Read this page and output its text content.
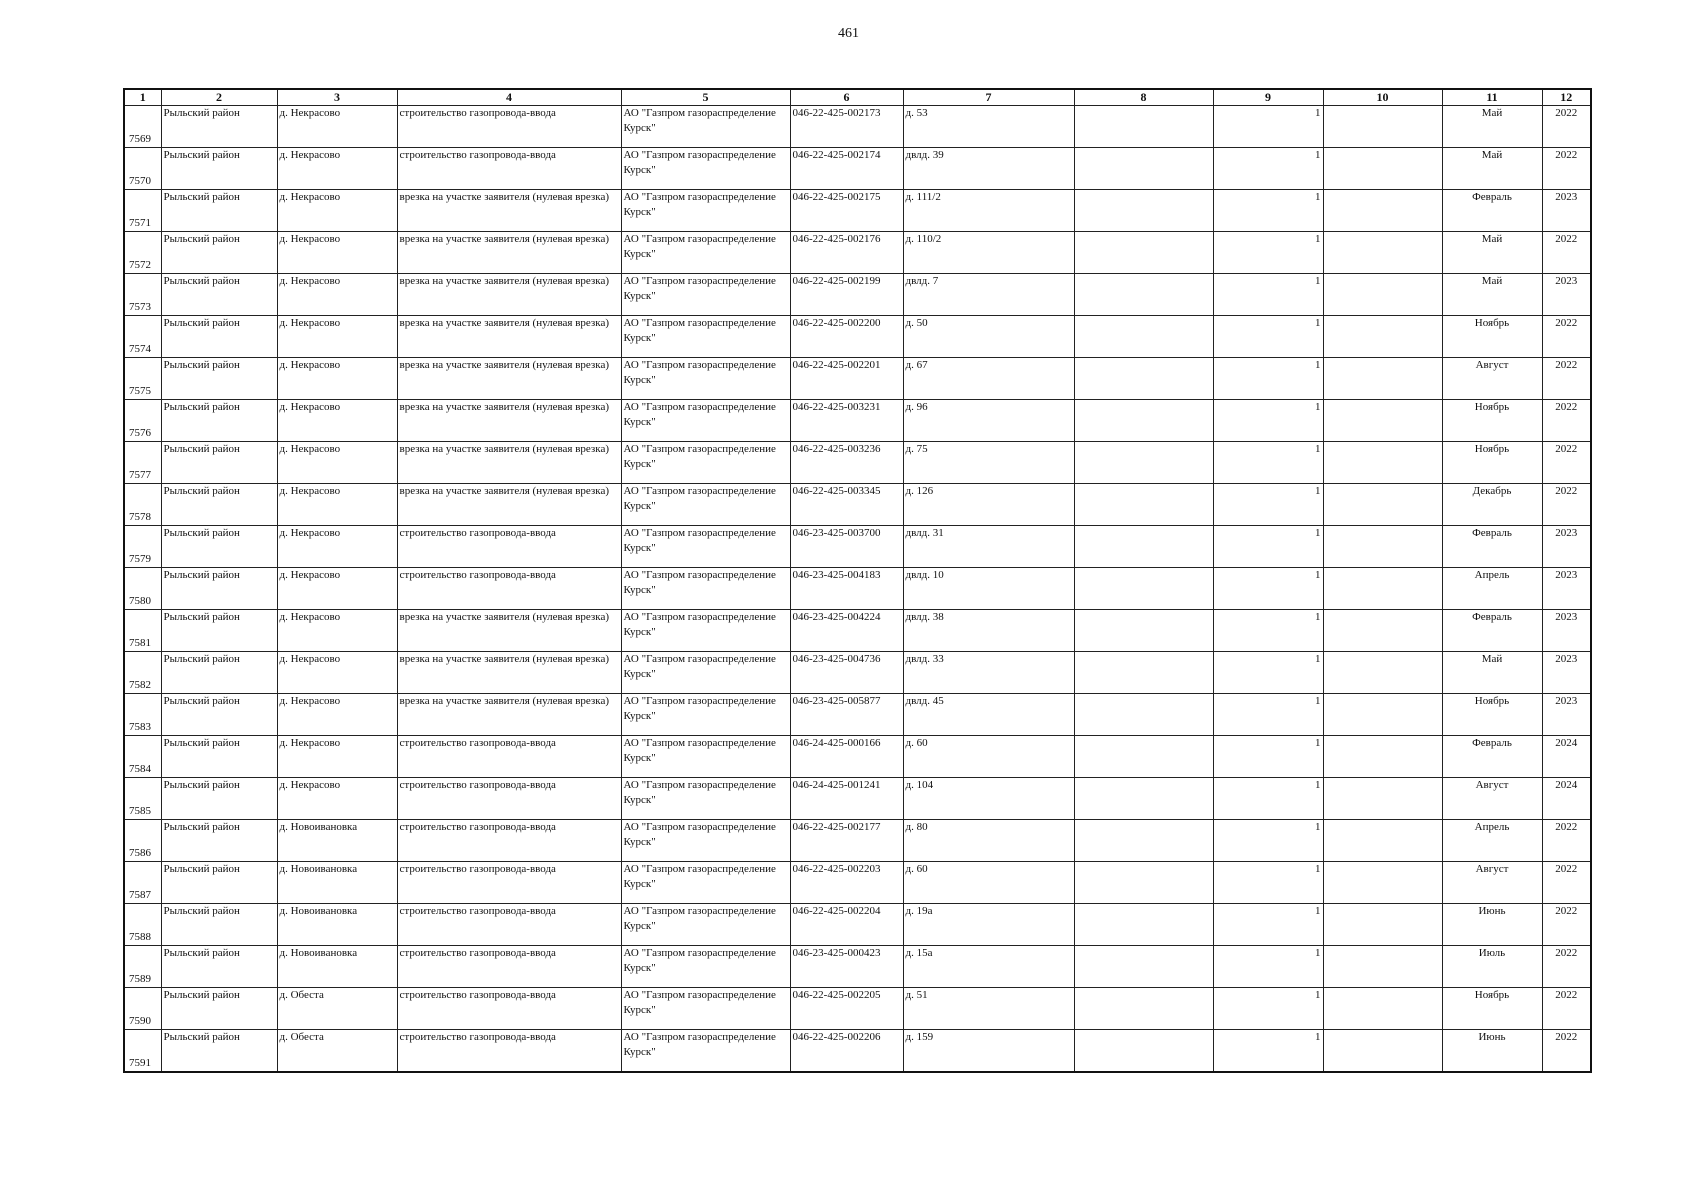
461
1	2	3	4	5	6	7	8	9	10	11	12
7569	Рыльский район	д. Некрасово	строительство газопровода-ввода	АО "Газпром газораспределение Курск"	046-22-425-002173	д. 53		1		Май	2022
7570	Рыльский район	д. Некрасово	строительство газопровода-ввода	АО "Газпром газораспределение Курск"	046-22-425-002174	двлд. 39		1		Май	2022
7571	Рыльский район	д. Некрасово	врезка на участке заявителя (нулевая врезка)	АО "Газпром газораспределение Курск"	046-22-425-002175	д. 111/2		1		Февраль	2023
7572	Рыльский район	д. Некрасово	врезка на участке заявителя (нулевая врезка)	АО "Газпром газораспределение Курск"	046-22-425-002176	д. 110/2		1		Май	2022
7573	Рыльский район	д. Некрасово	врезка на участке заявителя (нулевая врезка)	АО "Газпром газораспределение Курск"	046-22-425-002199	двлд. 7		1		Май	2023
7574	Рыльский район	д. Некрасово	врезка на участке заявителя (нулевая врезка)	АО "Газпром газораспределение Курск"	046-22-425-002200	д. 50		1		Ноябрь	2022
7575	Рыльский район	д. Некрасово	врезка на участке заявителя (нулевая врезка)	АО "Газпром газораспределение Курск"	046-22-425-002201	д. 67		1		Август	2022
7576	Рыльский район	д. Некрасово	врезка на участке заявителя (нулевая врезка)	АО "Газпром газораспределение Курск"	046-22-425-003231	д. 96		1		Ноябрь	2022
7577	Рыльский район	д. Некрасово	врезка на участке заявителя (нулевая врезка)	АО "Газпром газораспределение Курск"	046-22-425-003236	д. 75		1		Ноябрь	2022
7578	Рыльский район	д. Некрасово	врезка на участке заявителя (нулевая врезка)	АО "Газпром газораспределение Курск"	046-22-425-003345	д. 126		1		Декабрь	2022
7579	Рыльский район	д. Некрасово	строительство газопровода-ввода	АО "Газпром газораспределение Курск"	046-23-425-003700	двлд. 31		1		Февраль	2023
7580	Рыльский район	д. Некрасово	строительство газопровода-ввода	АО "Газпром газораспределение Курск"	046-23-425-004183	двлд. 10		1		Апрель	2023
7581	Рыльский район	д. Некрасово	врезка на участке заявителя (нулевая врезка)	АО "Газпром газораспределение Курск"	046-23-425-004224	двлд. 38		1		Февраль	2023
7582	Рыльский район	д. Некрасово	врезка на участке заявителя (нулевая врезка)	АО "Газпром газораспределение Курск"	046-23-425-004736	двлд. 33		1		Май	2023
7583	Рыльский район	д. Некрасово	врезка на участке заявителя (нулевая врезка)	АО "Газпром газораспределение Курск"	046-23-425-005877	двлд. 45		1		Ноябрь	2023
7584	Рыльский район	д. Некрасово	строительство газопровода-ввода	АО "Газпром газораспределение Курск"	046-24-425-000166	д. 60		1		Февраль	2024
7585	Рыльский район	д. Некрасово	строительство газопровода-ввода	АО "Газпром газораспределение Курск"	046-24-425-001241	д. 104		1		Август	2024
7586	Рыльский район	д. Новоивановка	строительство газопровода-ввода	АО "Газпром газораспределение Курск"	046-22-425-002177	д. 80		1		Апрель	2022
7587	Рыльский район	д. Новоивановка	строительство газопровода-ввода	АО "Газпром газораспределение Курск"	046-22-425-002203	д. 60		1		Август	2022
7588	Рыльский район	д. Новоивановка	строительство газопровода-ввода	АО "Газпром газораспределение Курск"	046-22-425-002204	д. 19а		1		Июнь	2022
7589	Рыльский район	д. Новоивановка	строительство газопровода-ввода	АО "Газпром газораспределение Курск"	046-23-425-000423	д. 15а		1		Июль	2022
7590	Рыльский район	д. Обеста	строительство газопровода-ввода	АО "Газпром газораспределение Курск"	046-22-425-002205	д. 51		1		Ноябрь	2022
7591	Рыльский район	д. Обеста	строительство газопровода-ввода	АО "Газпром газораспределение Курск"	046-22-425-002206	д. 159		1		Июнь	2022
